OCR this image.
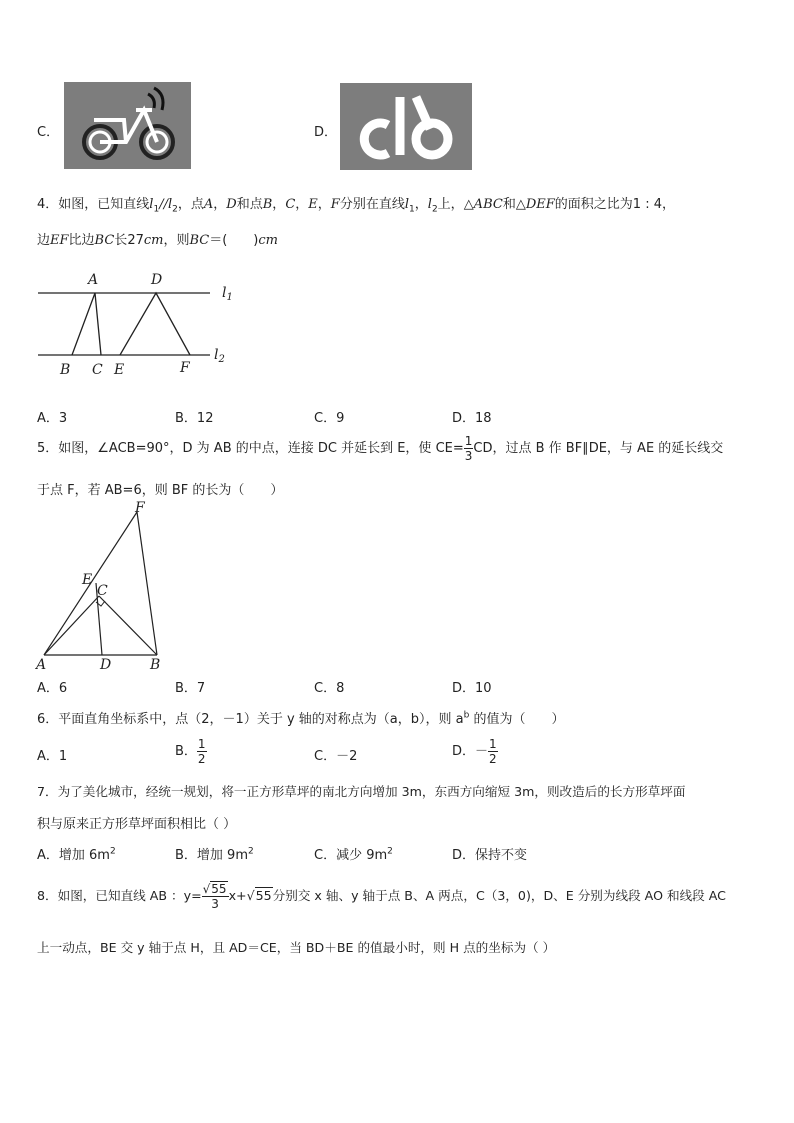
C．	D．
4．如图，已知直线$l_1//l_2$，点A，D和点B，C，E，F分别在直线$l_1$，$l_2$上，△ABC和△DEF的面积之比为1 : 4，
边EF比边BC长27cm，则BC＝(　　)cm
A	D
B C E	F
$l_1$
$l_2$
A．3	B．12	C．9	D．18
5．如图，∠ACB=90°，D 为 AB 的中点，连接 DC 并延长到 E，使 $CE= \frac{1}{3}$ CD，过点 B 作 BF∥DE，与 AE 的延长线交
于点 F，若 AB=6，则 BF 的长为（　　）
F
E
C
A	D	B
A．6	B．7	C．8	D．10
6．平面直角坐标系中，点（2，－1）关于 y 轴的对称点为（a，b），则 $a^b$ 的值为（　　）
A．1	B． $\frac{1}{2}$	C．－2	D．－ $\frac{1}{2}$
7．为了美化城市，经统一规划，将一正方形草坪的南北方向增加 3m，东西方向缩短 3m，则改造后的长方形草坪面
积与原来正方形草坪面积相比（ ）
A．增加 $6m^2$	B．增加 $9m^2$	C．减少 $9m^2$	D．保持不变
8．如图，已知直线 AB ：$y= \frac{√55}{3} x+√55$分别交 x 轴、y 轴于点 B、A 两点，C（3，0)，D、E 分别为线段 AO 和线段 AC
上一动点，BE 交 y 轴于点 H，且 AD＝CE，当 BD＋BE 的值最小时，则 H 点的坐标为（ ）
